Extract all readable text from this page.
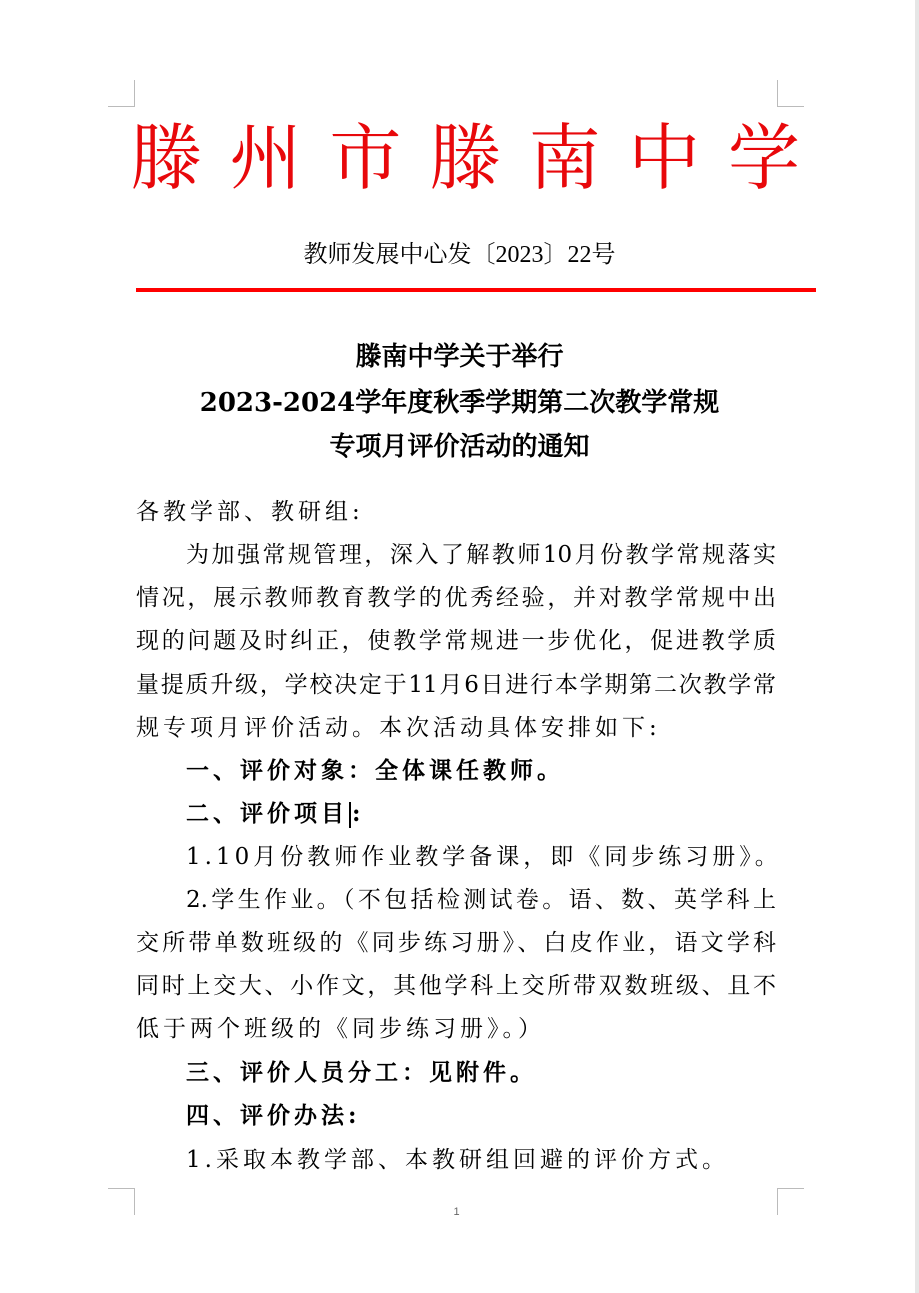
滕 州 市 滕 南 中 学
教师发展中心发〔2023〕22号
滕南中学关于举行
2023-2024学年度秋季学期第二次教学常规
专项月评价活动的通知
各教学部、教研组:
为加强常规管理，深入了解教师10月份教学常规落实
情况，展示教师教育教学的优秀经验，并对教学常规中出
现的问题及时纠正，使教学常规进一步优化，促进教学质
量提质升级，学校决定于11月6日进行本学期第二次教学常
规专项月评价活动。本次活动具体安排如下:
一、评价对象：全体课任教师。
二、评价项目 :
1.10月份教师作业教学备课，即《同步练习册》。
2.学生作业。（不包括检测试卷。语、数、英学科上
交所带单数班级的《同步练习册》、白皮作业，语文学科
同时上交大、小作文，其他学科上交所带双数班级、且不
低于两个班级的《同步练习册》。）
三、评价人员分工：见附件。
四、评价办法:
1.采取本教学部、本教研组回避的评价方式。
1
